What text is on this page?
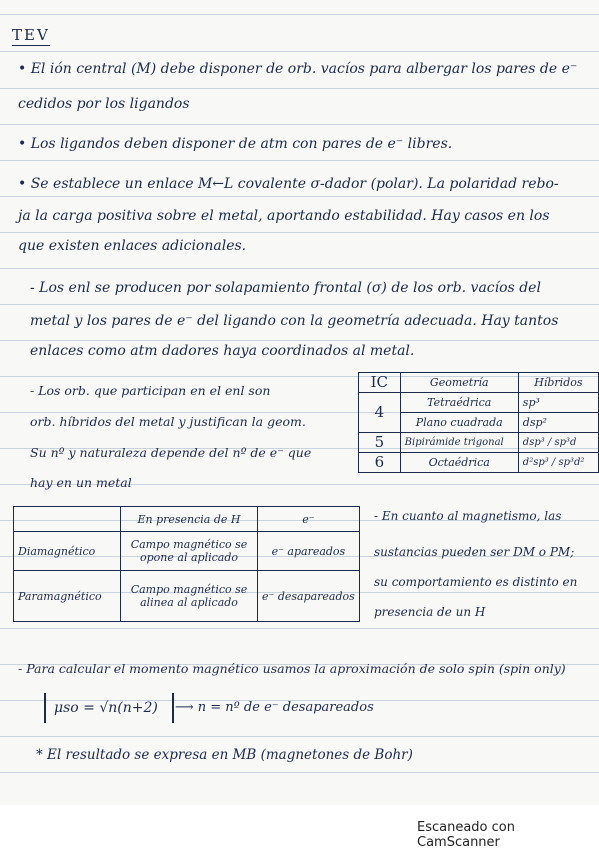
TEV
• El ión central (M) debe disponer de orb. vacíos para albergar los pares de e⁻
cedidos por los ligandos
• Los ligandos deben disponer de atm con pares de e⁻ libres.
• Se establece un enlace M←L covalente σ-dador (polar). La polaridad rebo-
ja la carga positiva sobre el metal, aportando estabilidad. Hay casos en los
que existen enlaces adicionales.
- Los enl se producen por solapamiento frontal (σ) de los orb. vacíos del
metal y los pares de e⁻ del ligando con la geometría adecuada. Hay tantos
enlaces como atm dadores haya coordinados al metal.
- Los orb. que participan en el enl son
orb. híbridos del metal y justifican la geom.
Su nº y naturaleza depende del nº de e⁻ que
hay en un metal
IC	Geometría	Híbridos
4	Tetraédrica	sp³
	Plano cuadrada	dsp²
5	Bipirámide trigonal	dsp³ / sp³d
6	Octaédrica	d²sp³ / sp³d²
	En presencia de H	e⁻
Diamagnético	Campo magnético se
opone al aplicado	e⁻ apareados
Paramagnético	Campo magnético se
alinea al aplicado	e⁻ desapareados
- En cuanto al magnetismo, las
sustancias pueden ser DM o PM;
su comportamiento es distinto en
presencia de un H
- Para calcular el momento magnético usamos la aproximación de solo spin (spin only)
μso = √n(n+2) ⟶ n = nº de e⁻ desapareados
* El resultado se expresa en MB (magnetones de Bohr)
Escaneado con CamScanner
